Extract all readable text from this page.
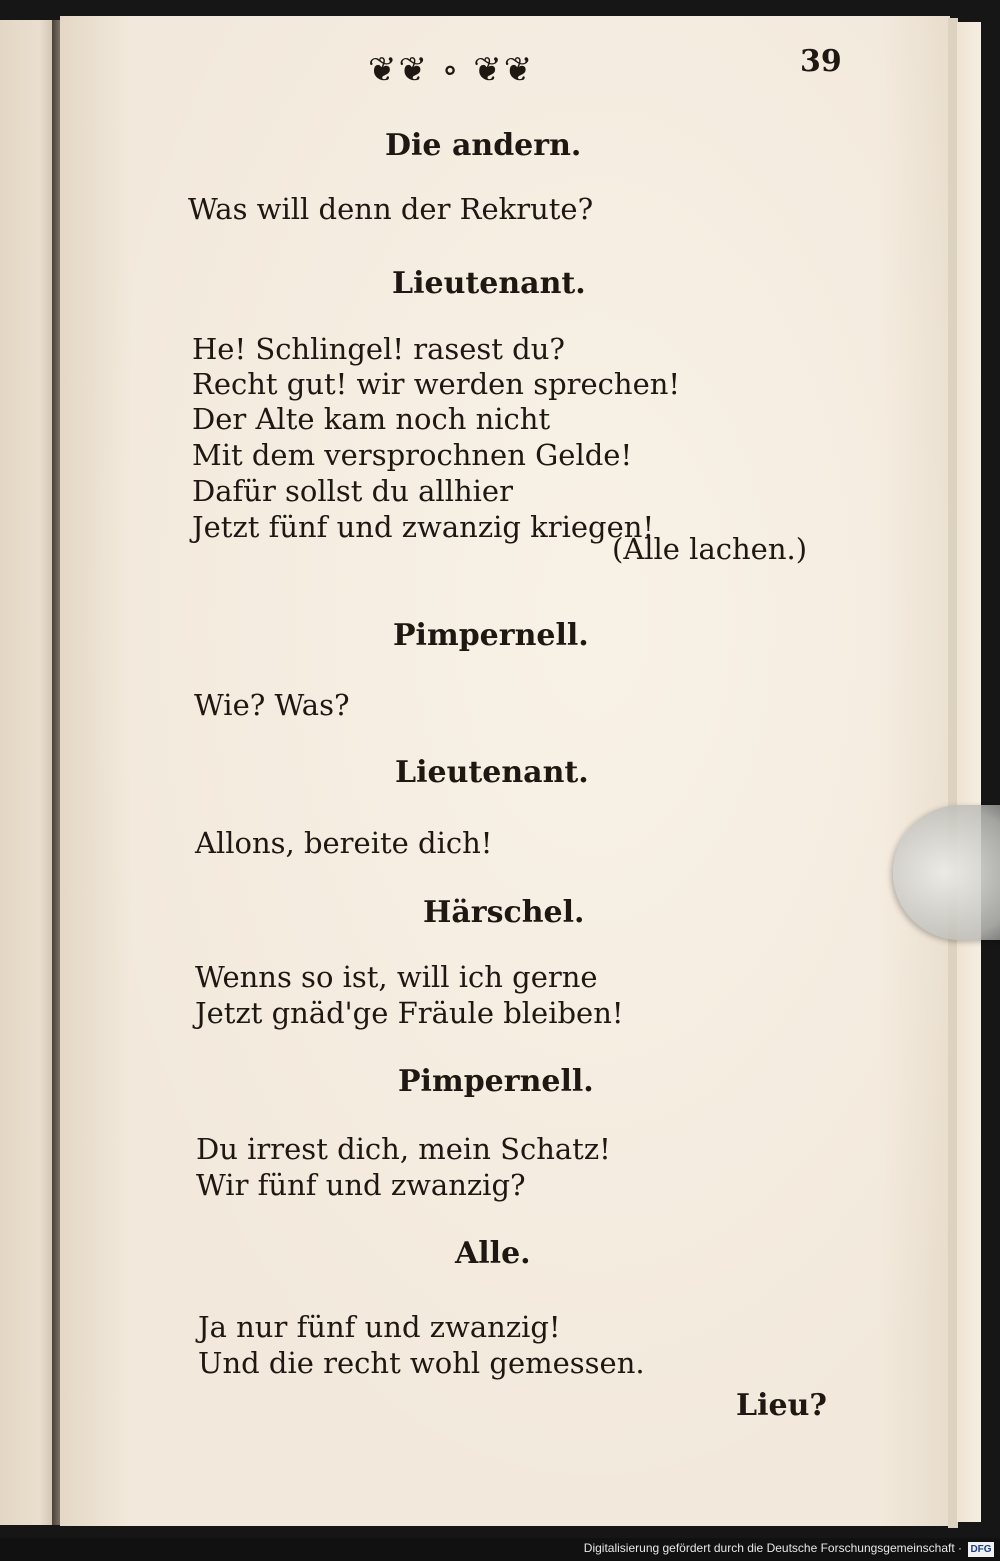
❦❦ ∘ ❦❦	39
Die andern.
Was will denn der Rekrute?
Lieutenant.
He! Schlingel! rasest du?
Recht gut! wir werden sprechen!
Der Alte kam noch nicht
Mit dem versprochnen Gelde!
Dafür sollst du allhier
Jetzt fünf und zwanzig kriegen!
(Alle lachen.)
Pimpernell.
Wie? Was?
Lieutenant.
Allons, bereite dich!
Härschel.
Wenns so ist, will ich gerne
Jetzt gnäd'ge Fräule bleiben!
Pimpernell.
Du irrest dich, mein Schatz!
Wir fünf und zwanzig?
Alle.
Ja nur fünf und zwanzig!
Und die recht wohl gemessen.
Lieu?
Digitalisierung gefördert durch die Deutsche Forschungsgemeinschaft · DFG
